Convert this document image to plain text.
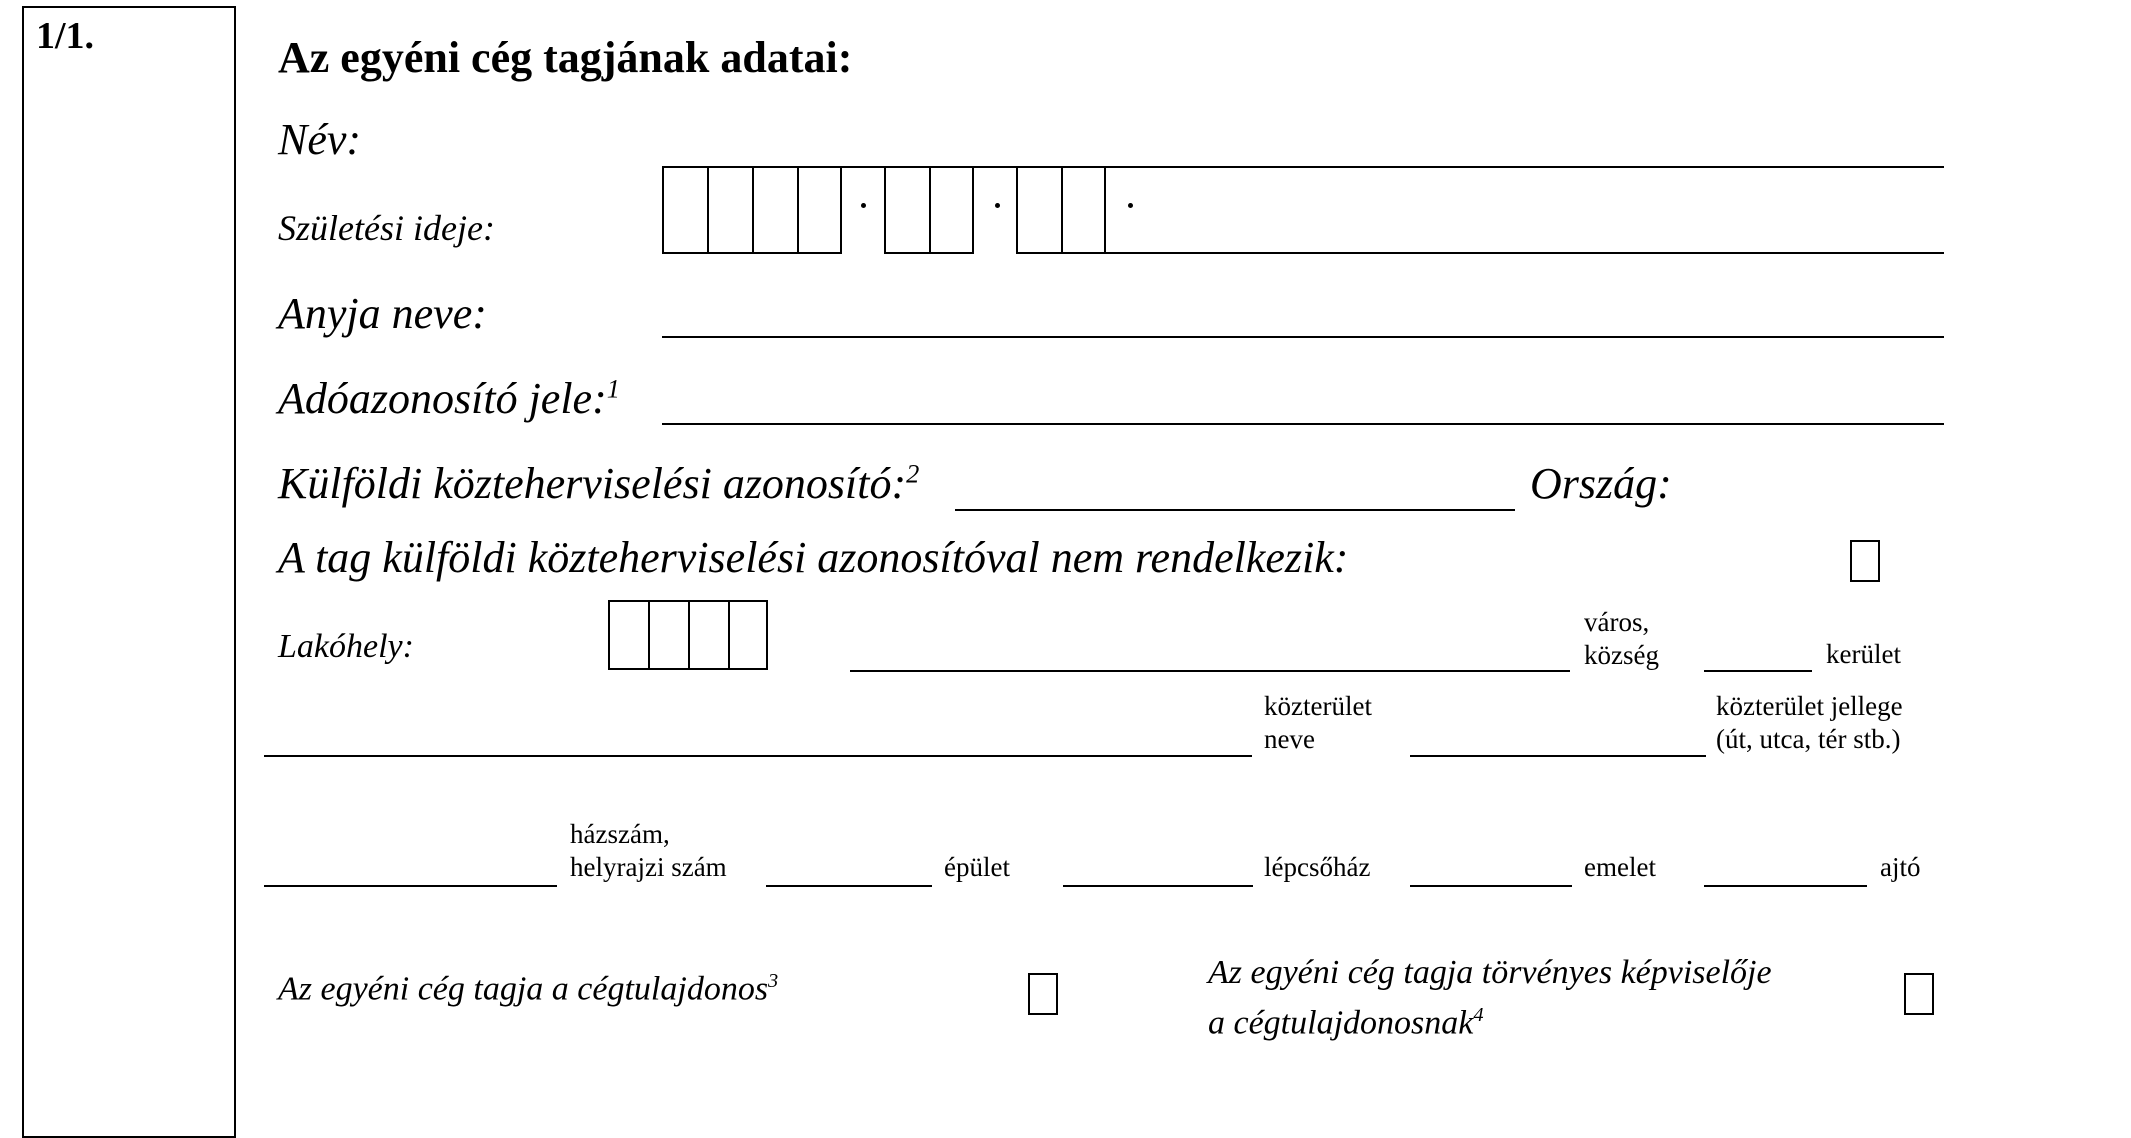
1/1.	Az egyéni cég tagjának adatai:
Név:
Születési ideje:
Anyja neve:
Adóazonosító jele:$^1$
Külföldi közteherviselési azonosító:$^2$	Ország:
A tag külföldi közteherviselési azonosítóval nem rendelkezik:
Lakóhely:
város,
község	kerület
közterület
neve
közterület jellege
(út, utca, tér stb.)
házszám,
helyrajzi szám	épület	lépcsőház	emelet	ajtó
Az egyéni cég tagja a cégtulajdonos$^3$	Az egyéni cég tagja törvényes képviselője
a cégtulajdonosnak$^4$
